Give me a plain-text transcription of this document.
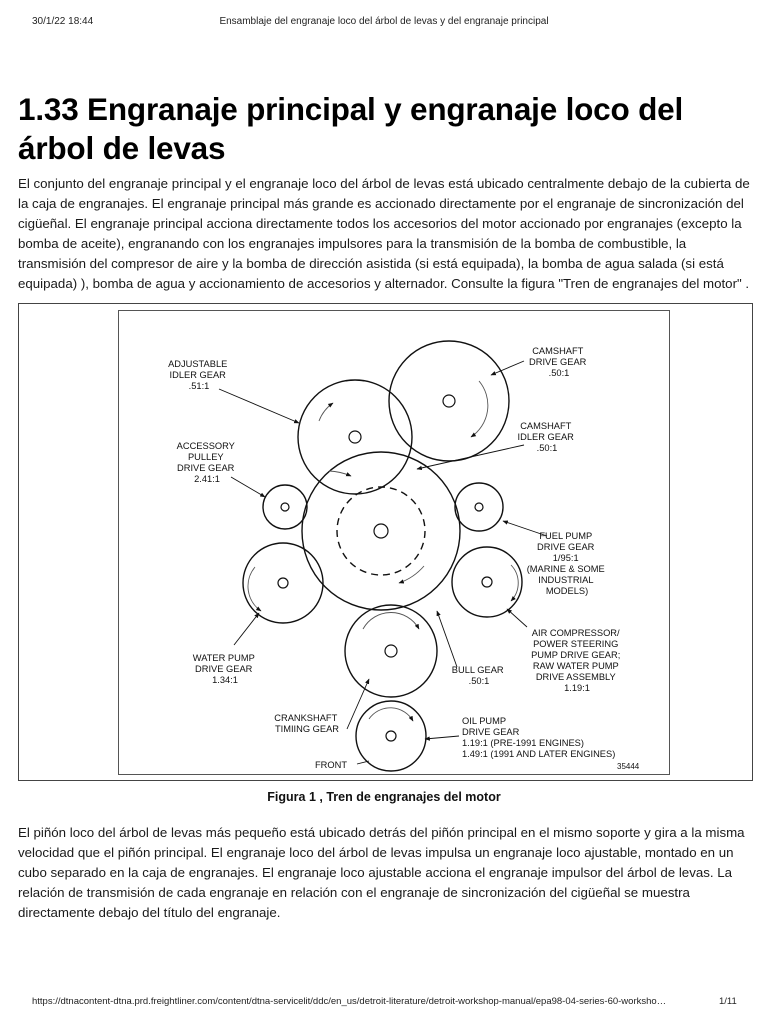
30/1/22 18:44	Ensamblaje del engranaje loco del árbol de levas y del engranaje principal
1.33 Engranaje principal y engranaje loco del árbol de levas

El conjunto del engranaje principal y el engranaje loco del árbol de levas está ubicado centralmente debajo de la cubierta de la caja de engranajes. El engranaje principal más grande es accionado directamente por el engranaje de sincronización del cigüeñal. El engranaje principal acciona directamente todos los accesorios del motor accionado por engranajes (excepto la bomba de aceite), engranando con los engranajes impulsores para la transmisión de la bomba de combustible, la transmisión del compresor de aire y la bomba de dirección asistida (si está equipada), la bomba de agua salada (si está equipada) ), bomba de agua y accionamiento de accesorios y alternador. Consulte la figura "Tren de engranajes del motor" .

ADJUSTABLE IDLER GEAR .51:1
CAMSHAFT DRIVE GEAR .50:1
CAMSHAFT IDLER GEAR .50:1
ACCESSORY PULLEY DRIVE GEAR 2.41:1
FUEL PUMP DRIVE GEAR 1/95:1 (MARINE & SOME INDUSTRIAL MODELS)
AIR COMPRESSOR/ POWER STEERING PUMP DRIVE GEAR; RAW WATER PUMP DRIVE ASSEMBLY 1.19:1
WATER PUMP DRIVE GEAR 1.34:1
BULL GEAR .50:1
CRANKSHAFT TIMIING GEAR
FRONT
OIL PUMP DRIVE GEAR 1.19:1 (PRE-1991 ENGINES) 1.49:1 (1991 AND LATER ENGINES)
35444
Figura 1 , Tren de engranajes del motor

El piñón loco del árbol de levas más pequeño está ubicado detrás del piñón principal en el mismo soporte y gira a la misma velocidad que el piñón principal. El engranaje loco del árbol de levas impulsa un engranaje loco ajustable, montado en un cubo separado en la caja de engranajes. El engranaje loco ajustable acciona el engranaje impulsor del árbol de levas. La relación de transmisión de cada engranaje en relación con el engranaje de sincronización del cigüeñal se muestra directamente debajo del título del engranaje.

https://dtnacontent-dtna.prd.freightliner.com/content/dtna-servicelit/ddc/en_us/detroit-literature/detroit-workshop-manual/epa98-04-series-60-worksho…	1/11
